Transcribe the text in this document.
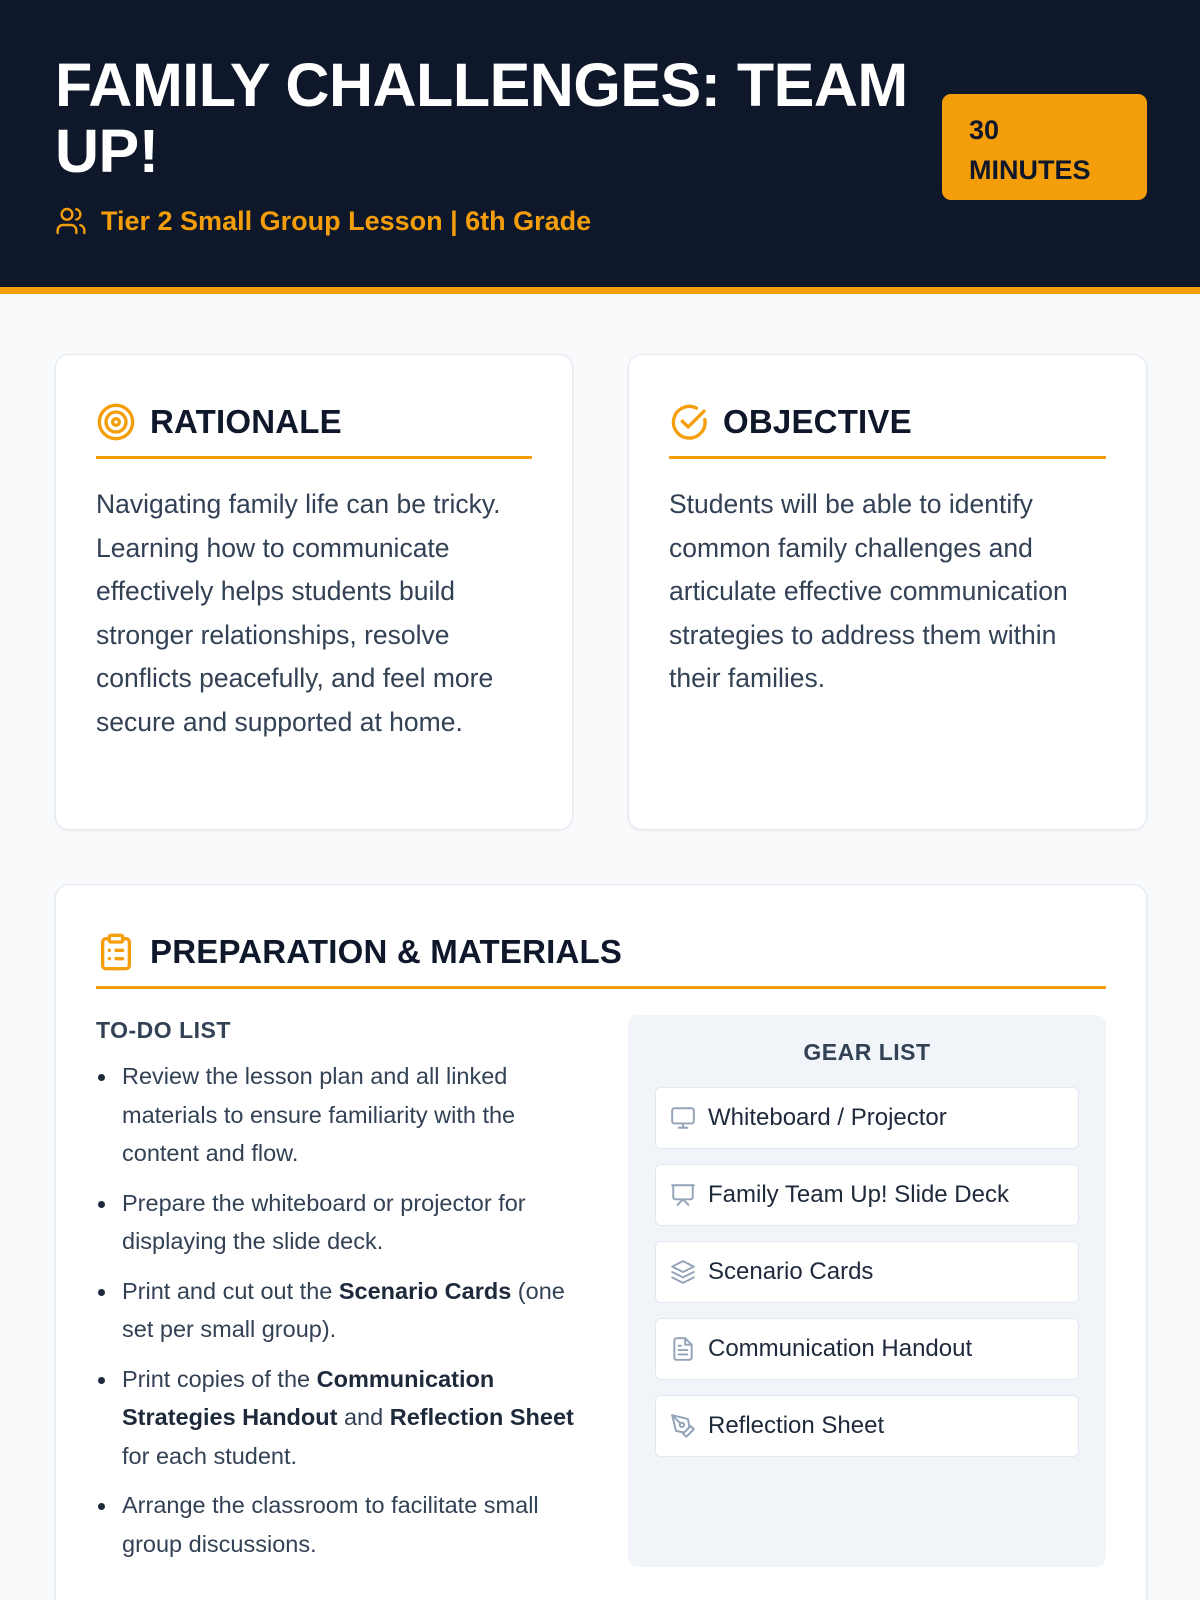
FAMILY CHALLENGES: TEAM UP!
Tier 2 Small Group Lesson | 6th Grade
30
MINUTES
RATIONALE
Navigating family life can be tricky. Learning how to communicate effectively helps students build stronger relationships, resolve conflicts peacefully, and feel more secure and supported at home.
OBJECTIVE
Students will be able to identify common family challenges and articulate effective communication strategies to address them within their families.
PREPARATION & MATERIALS
TO-DO LIST
Review the lesson plan and all linked materials to ensure familiarity with the content and flow.
Prepare the whiteboard or projector for displaying the slide deck.
Print and cut out the Scenario Cards (one set per small group).
Print copies of the Communication Strategies Handout and Reflection Sheet for each student.
Arrange the classroom to facilitate small group discussions.
GEAR LIST
Whiteboard / Projector
Family Team Up! Slide Deck
Scenario Cards
Communication Handout
Reflection Sheet
